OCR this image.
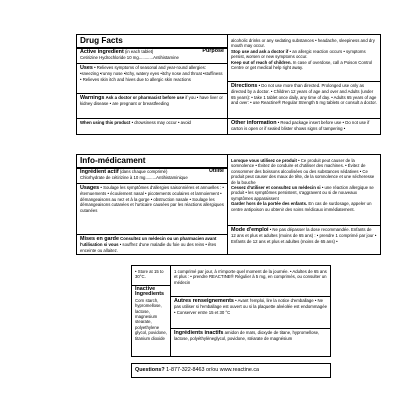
Drug Facts

Active ingredient (in each tablet)	Purpose

Cetirizine Hydrochloride 10 mg............Antihistamine

Uses • Relieves symptoms of seasonal and year-round allergies: •sneezing •runny nose •itchy, watery eyes •itchy nose and throat •stuffiness • Relieves skin itch and hives due to allergic skin reactions

Warnings Ask a doctor or pharmacist before use if you • have liver or kidney disease • are pregnant or breastfeeding

When using this product • drowsiness may occur • avoid

alcoholic drinks or any sedating substances • headache, sleepiness and dry mouth may occur.

Stop use and ask a doctor if • an allergic reaction occurs • symptoms persist, worsen or new symptoms occur.

Keep out of reach of children. In case of overdose, call a Poison Control Centre or get medical help right away.

Directions • Do not use more than directed. Prolonged use only as directed by a doctor. • Children 12 years of age and over and Adults (under 65 years): • take 1 tablet once daily, any time of day. • Adults 65 years of age and over: • use Reactine® Regular Strength 5 mg tablets or consult a doctor.

Other information • Read package insert before use • Do not use if carton is open or if sealed blister shows signs of tampering •

Info-médicament

Ingrédient actif (dans chaque comprimé)	Utilité

Chlorhydrate de cétirizine à 10 mg.........Antihistaminique

Usages • Soulage les symptômes d'allergies saisonnières et annuelles : • éternuements • écoulement nasal • picotements oculaires et larmoiement • démangeaisons au nez et à la gorge • obstruction nasale • Soulage les démangeaisons cutanées et l'urticaire causées par les réactions allergiques cutanées

Mises en garde Consultez un médecin ou un pharmacien avant l'utilisation si vous • souffrez d'une maladie du foie ou des reins • êtes enceinte ou allaitez.

Lorsque vous utilisez ce produit • Ce produit peut causer de la somnolence • Évitez de conduire et d'utiliser des machines. • Évitez de consommer des boissons alcoolisées ou des substances sédatives • Ce produit peut causer des maux de tête, de la somnolence et une sécheresse de la bouche

Cessez d'utiliser et consultez un médecin si • une réaction allergique se produit • les symptômes persistent, s'aggravent ou si de nouveaux symptômes apparaissent

Garder hors de la portée des enfants. En cas de surdosage, appeler un centre antipoison ou obtenir des soins médicaux immédiatement.

Mode d'emploi • Ne pas dépasser la dose recommandée. Enfants de 12 ans et plus et adultes (moins de 65 ans) : • prendre 1 comprimé par jour • Enfants de 12 ans et plus et adultes (moins de 65 ans) •

• Store at 15 to 30°C.

Inactive Ingredients

Corn starch, hypromellose, lactose, magnesium stearate, polyethylene glycol, povidone, titanium dioxide

1 comprimé par jour, à n'importe quel moment de la journée. • Adultes de 65 ans et plus : • prendre REACTINE® Régulier à 5 mg, en comprimés, ou consulter un médecin

Autres renseignements • Avant l'emploi, lire la notice d'emballage • Ne pas utiliser si l'emballage est ouvert ou si la plaquette alvéolée est endommagée • Conserver entre 15 et 30 °C

Ingrédients inactifs amidon de maïs, dioxyde de titane, hypromellose, lactose, polyéthylèneglycol, povidone, stéarate de magnésium

Questions? 1-877-322-8463 or/ou www.reactine.ca
